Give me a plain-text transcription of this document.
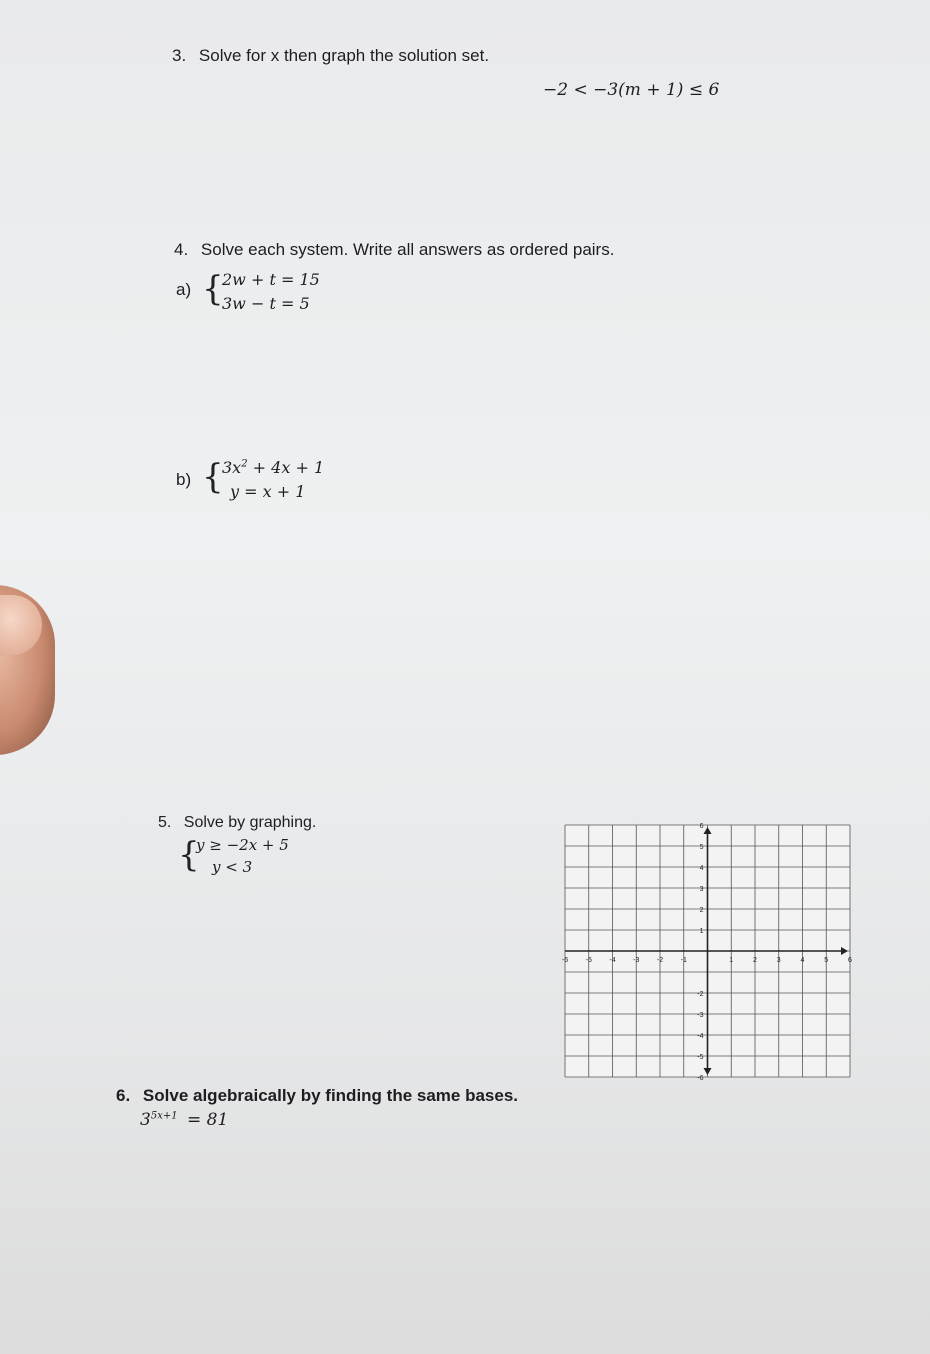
3. Solve for x then graph the solution set.
−2 < −3(m + 1) ≤ 6
4. Solve each system. Write all answers as ordered pairs.
a) {
2w + t = 15
3w − t = 5
b) {
$3x^2 + 4x + 1$
y = x + 1
5. Solve by graphing.
{
y ≥ −2x + 5
y < 3
-6	-5	-4	-3	-2	-1	1	2	3	4	5	6
6
5
4
3
2
1
-2
-3
-4
-5
-6
6. Solve algebraically by finding the same bases.
$3^{5x+1} = 81$
